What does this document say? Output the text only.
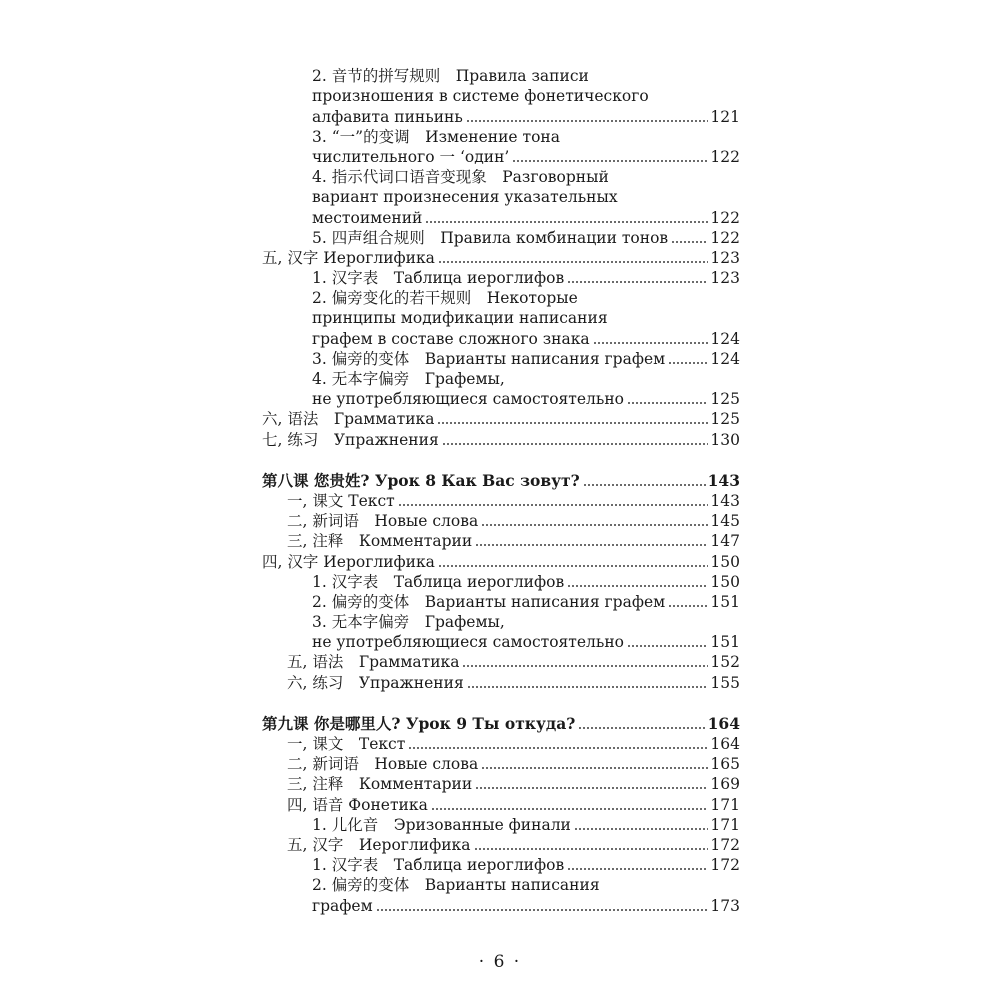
2. 音节的拼写规则　Правила записи
произношения в системе фонетического
алфавита пиньинь	121
3. “一”的变调　Изменение тона
числительного 一 ‘один’	122
4. 指示代词口语音变现象　Разговорный
вариант произнесения указательных
местоимений	122
5. 四声组合规则　Правила комбинации тонов	122
五, 汉字 Иероглифика	123
1. 汉字表　Таблица иероглифов	123
2. 偏旁变化的若干规则　Некоторые
принципы модификации написания
графем в составе сложного знака	124
3. 偏旁的变体　Варианты написания графем	124
4. 无本字偏旁　Графемы,
не употребляющиеся самостоятельно	125
六, 语法　Грамматика	125
七, 练习　Упражнения	130
第八课 您贵姓? Урок 8 Как Вас зовут?	143
一, 课文 Текст	143
二, 新词语　Новые слова	145
三, 注释　Комментарии	147
四, 汉字 Иероглифика	150
1. 汉字表　Таблица иероглифов	150
2. 偏旁的变体　Варианты написания графем	151
3. 无本字偏旁　Графемы,
не употребляющиеся самостоятельно	151
五, 语法　Грамматика	152
六, 练习　Упражнения	155
第九课 你是哪里人? Урок 9 Ты откуда?	164
一, 课文　Текст	164
二, 新词语　Новые слова	165
三, 注释　Комментарии	169
四, 语音 Фонетика	171
1. 儿化音　Эризованные финали	171
五, 汉字　Иероглифика	172
1. 汉字表　Таблица иероглифов	172
2. 偏旁的变体　Варианты написания
графем	173
· 6 ·
